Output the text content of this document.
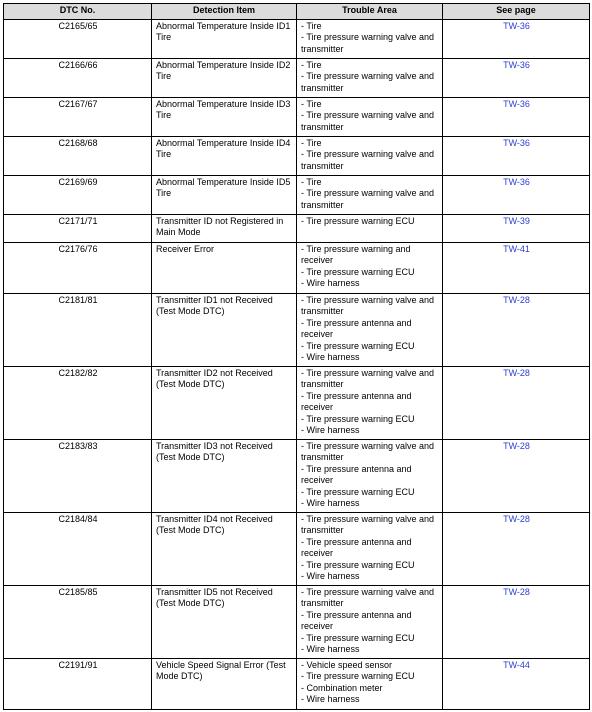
DTC No.	Detection Item	Trouble Area	See page
C2165/65	Abnormal Temperature Inside ID1 Tire	- Tire
- Tire pressure warning valve and transmitter	TW-36
C2166/66	Abnormal Temperature Inside ID2 Tire	- Tire
- Tire pressure warning valve and transmitter	TW-36
C2167/67	Abnormal Temperature Inside ID3 Tire	- Tire
- Tire pressure warning valve and transmitter	TW-36
C2168/68	Abnormal Temperature Inside ID4 Tire	- Tire
- Tire pressure warning valve and transmitter	TW-36
C2169/69	Abnormal Temperature Inside ID5 Tire	- Tire
- Tire pressure warning valve and transmitter	TW-36
C2171/71	Transmitter ID not Registered in Main Mode	- Tire pressure warning ECU	TW-39
C2176/76	Receiver Error	- Tire pressure warning and receiver
- Tire pressure warning ECU
- Wire harness	TW-41
C2181/81	Transmitter ID1 not Received (Test Mode DTC)	- Tire pressure warning valve and transmitter
- Tire pressure antenna and receiver
- Tire pressure warning ECU
- Wire harness	TW-28
C2182/82	Transmitter ID2 not Received (Test Mode DTC)	- Tire pressure warning valve and transmitter
- Tire pressure antenna and receiver
- Tire pressure warning ECU
- Wire harness	TW-28
C2183/83	Transmitter ID3 not Received (Test Mode DTC)	- Tire pressure warning valve and transmitter
- Tire pressure antenna and receiver
- Tire pressure warning ECU
- Wire harness	TW-28
C2184/84	Transmitter ID4 not Received (Test Mode DTC)	- Tire pressure warning valve and transmitter
- Tire pressure antenna and receiver
- Tire pressure warning ECU
- Wire harness	TW-28
C2185/85	Transmitter ID5 not Received (Test Mode DTC)	- Tire pressure warning valve and transmitter
- Tire pressure antenna and receiver
- Tire pressure warning ECU
- Wire harness	TW-28
C2191/91	Vehicle Speed Signal Error (Test Mode DTC)	- Vehicle speed sensor
- Tire pressure warning ECU
- Combination meter
- Wire harness	TW-44
